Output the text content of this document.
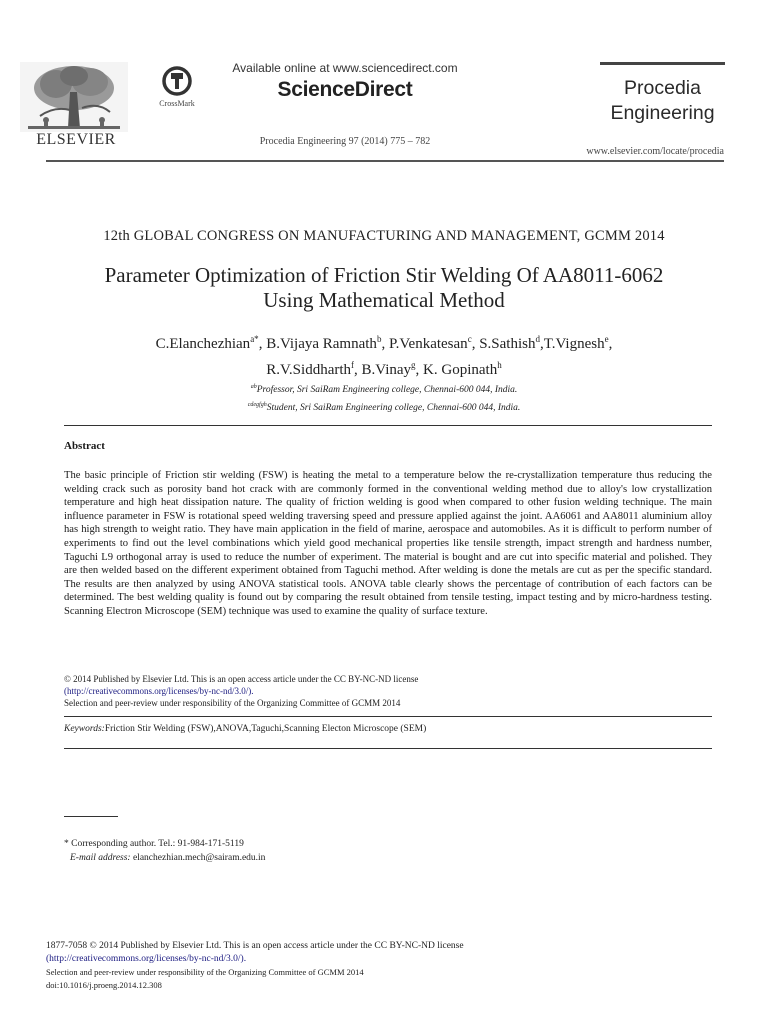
ELSEVIER
CrossMark
Available online at www.sciencedirect.com
ScienceDirect
Procedia Engineering 97 (2014) 775 – 782
Procedia
Engineering
www.elsevier.com/locate/procedia
12th GLOBAL CONGRESS ON MANUFACTURING AND MANAGEMENT, GCMM 2014
Parameter Optimization of Friction Stir Welding Of AA8011-6062
Using Mathematical Method
C.Elanchezhian$^{a*}$, B.Vijaya Ramnath$^b$, P.Venkatesan$^c$, S.Sathish$^d$,T.Vignesh$^e$,
R.V.Siddharth$^f$, B.Vinay$^g$, K. Gopinath$^h$
$^{ab}$Professor, Sri SaiRam Engineering college, Chennai-600 044, India.
$^{cdegfgh}$Student, Sri SaiRam Engineering college, Chennai-600 044, India.
Abstract
The basic principle of Friction stir welding (FSW) is heating the metal to a temperature below the re-crystallization temperature thus reducing the welding crack such as porosity band hot crack with are commonly formed in the conventional welding method due to alloy's low crystallization temperature and high heat dissipation nature. The quality of friction welding is good when compared to other fusion welding technique. The main influence parameter in FSW is rotational speed welding traversing speed and pressure applied against the joint. AA6061 and AA8011 aluminium alloy has high strength to weight ratio. They have main application in the field of marine, aerospace and automobiles. As it is difficult to perform number of experiments to find out the level combinations which yield good mechanical properties like tensile strength, impact strength and hardness number, Taguchi L9 orthogonal array is used to reduce the number of experiment. The material is bought and are cut into specific material and polished. They are then welded based on the different experiment obtained from Taguchi method. After welding is done the metals are cut as per the specific standard. The results are then analyzed by using ANOVA statistical tools. ANOVA table clearly shows the percentage of contribution of each factors can be determined. The best welding quality is found out by comparing the result obtained from tensile testing, impact testing and by micro-hardness testing. Scanning Electron Microscope (SEM) technique was used to examine the quality of surface texture.
© 2014 Published by Elsevier Ltd. This is an open access article under the CC BY-NC-ND license
(http://creativecommons.org/licenses/by-nc-nd/3.0/).
Selection and peer-review under responsibility of the Organizing Committee of GCMM 2014
Keywords:Friction Stir Welding (FSW),ANOVA,Taguchi,Scanning Electon Microscope (SEM)
* Corresponding author. Tel.: 91-984-171-5119
E-mail address: elanchezhian.mech@sairam.edu.in
1877-7058 © 2014 Published by Elsevier Ltd. This is an open access article under the CC BY-NC-ND license
(http://creativecommons.org/licenses/by-nc-nd/3.0/).
Selection and peer-review under responsibility of the Organizing Committee of GCMM 2014
doi:10.1016/j.proeng.2014.12.308
